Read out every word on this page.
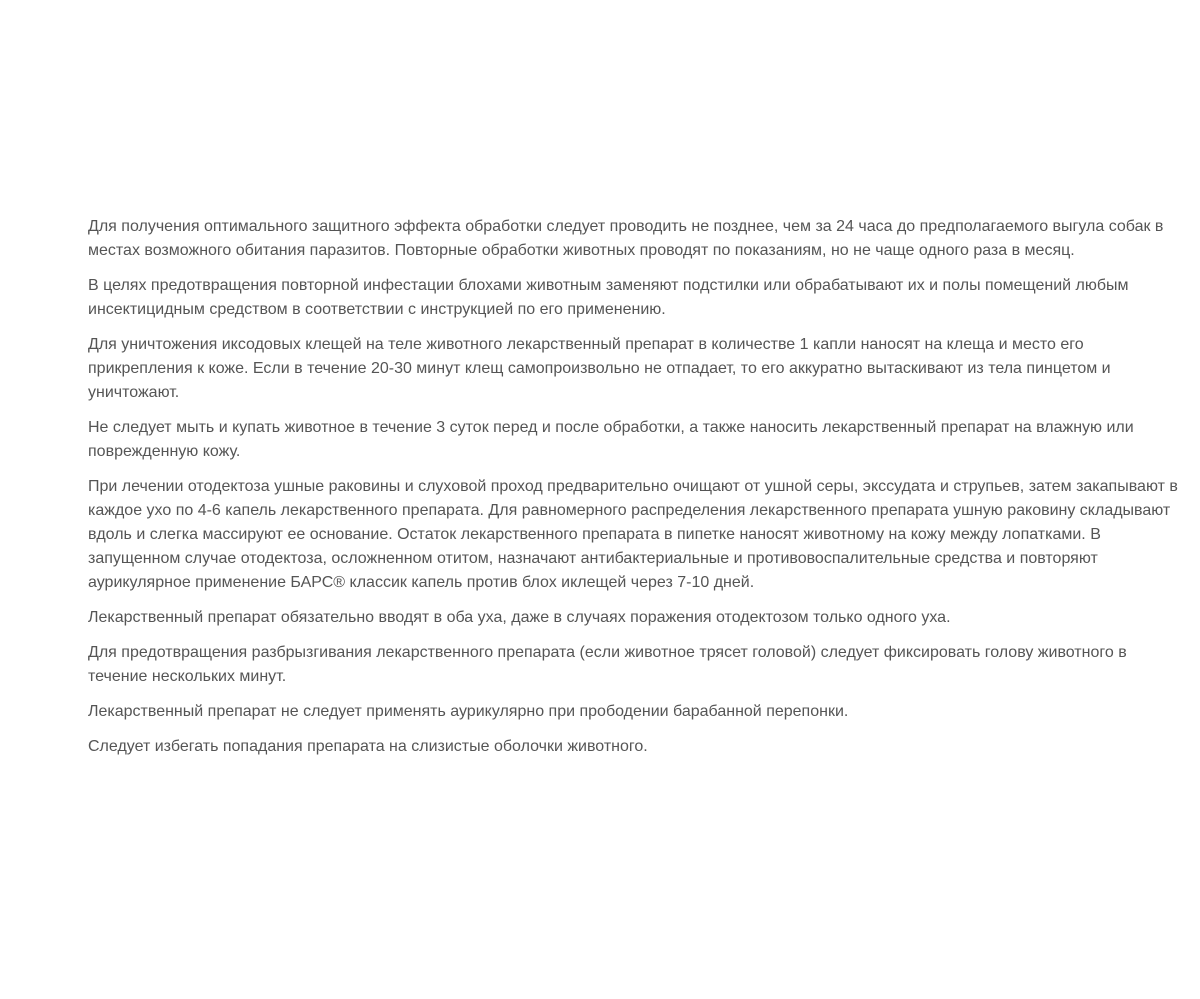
Для получения оптимального защитного эффекта обработки следует проводить не позднее, чем за 24 часа до предполагаемого выгула собак в местах возможного обитания паразитов. Повторные обработки животных проводят по показаниям, но не чаще одного раза в месяц.

В целях предотвращения повторной инфестации блохами животным заменяют подстилки или обрабатывают их и полы помещений любым инсектицидным средством в соответствии с инструкцией по его применению.

Для уничтожения иксодовых клещей на теле животного лекарственный препарат в количестве 1 капли наносят на клеща и место его прикрепления к коже. Если в течение 20-30 минут клещ самопроизвольно не отпадает, то его аккуратно вытаскивают из тела пинцетом и уничтожают.

Не следует мыть и купать животное в течение 3 суток перед и после обработки, а также наносить лекарственный препарат на влажную или поврежденную кожу.

При лечении отодектоза ушные раковины и слуховой проход предварительно очищают от ушной серы, экссудата и струпьев, затем закапывают в каждое ухо по 4-6 капель лекарственного препарата. Для равномерного распределения лекарственного препарата ушную раковину складывают вдоль и слегка массируют ее основание. Остаток лекарственного препарата в пипетке наносят животному на кожу между лопатками. В запущенном случае отодектоза, осложненном отитом, назначают антибактериальные и противовоспалительные средства и повторяют аурикулярное применение БАРС® классик капель против блох иклещей через 7-10 дней.

Лекарственный препарат обязательно вводят в оба уха, даже в случаях поражения отодектозом только одного уха.

Для предотвращения разбрызгивания лекарственного препарата (если животное трясет головой) следует фиксировать голову животного в течение нескольких минут.

Лекарственный препарат не следует применять аурикулярно при прободении барабанной перепонки.

Следует избегать попадания препарата на слизистые оболочки животного.
